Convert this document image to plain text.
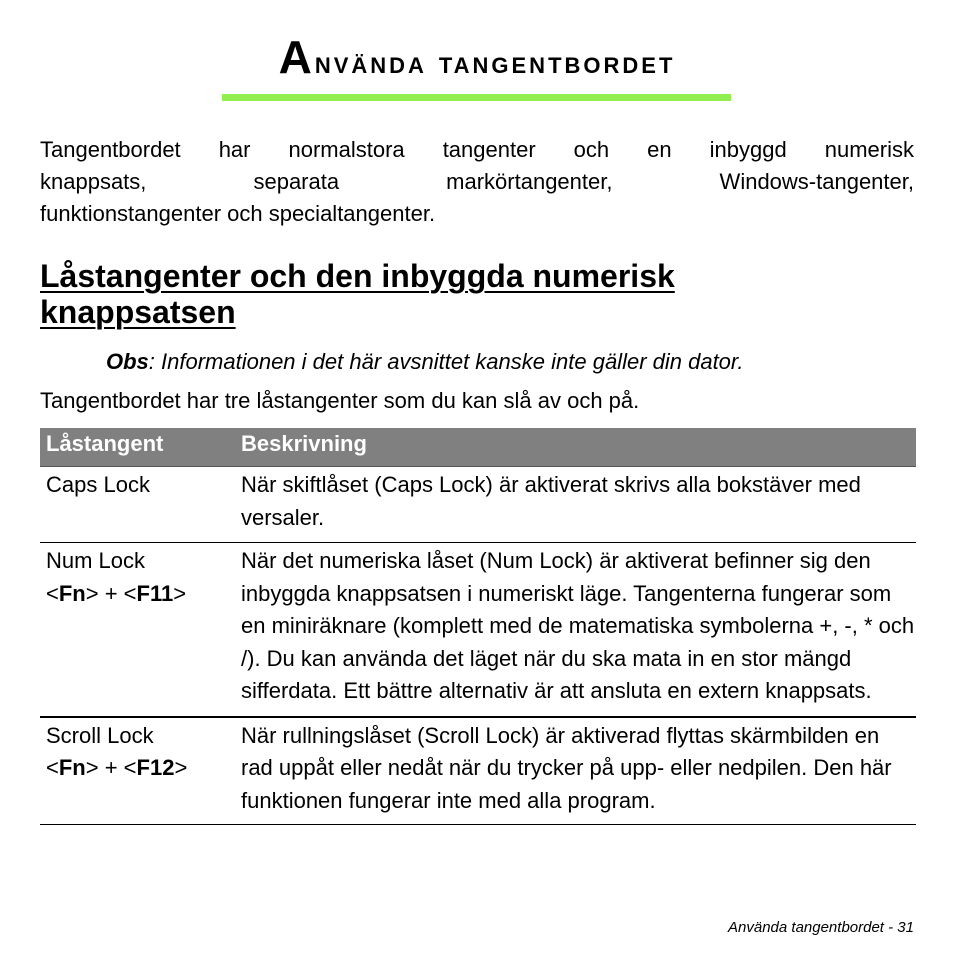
Använda tangentbordet

Tangentbordet har normalstora tangenter och en inbyggd numerisk
knappsats, separata markörtangenter, Windows-tangenter,
funktionstangenter och specialtangenter.

Låstangenter och den inbyggda numerisk
knappsatsen

Obs: Informationen i det här avsnittet kanske inte gäller din dator.

Tangentbordet har tre låstangenter som du kan slå av och på.

Låstangent	Beskrivning
Caps Lock	När skiftlåset (Caps Lock) är aktiverat skrivs alla bokstäver med versaler.
Num Lock
<Fn> + <F11>
När det numeriska låset (Num Lock) är aktiverat befinner sig den inbyggda knappsatsen i numeriskt läge. Tangenterna fungerar som en miniräknare (komplett med de matematiska symbolerna +, -, * och /). Du kan använda det läget när du ska mata in en stor mängd sifferdata. Ett bättre alternativ är att ansluta en extern knappsats.
Scroll Lock
<Fn> + <F12>
När rullningslåset (Scroll Lock) är aktiverad flyttas skärmbilden en rad uppåt eller nedåt när du trycker på upp- eller nedpilen. Den här funktionen fungerar inte med alla program.
Använda tangentbordet - 31
